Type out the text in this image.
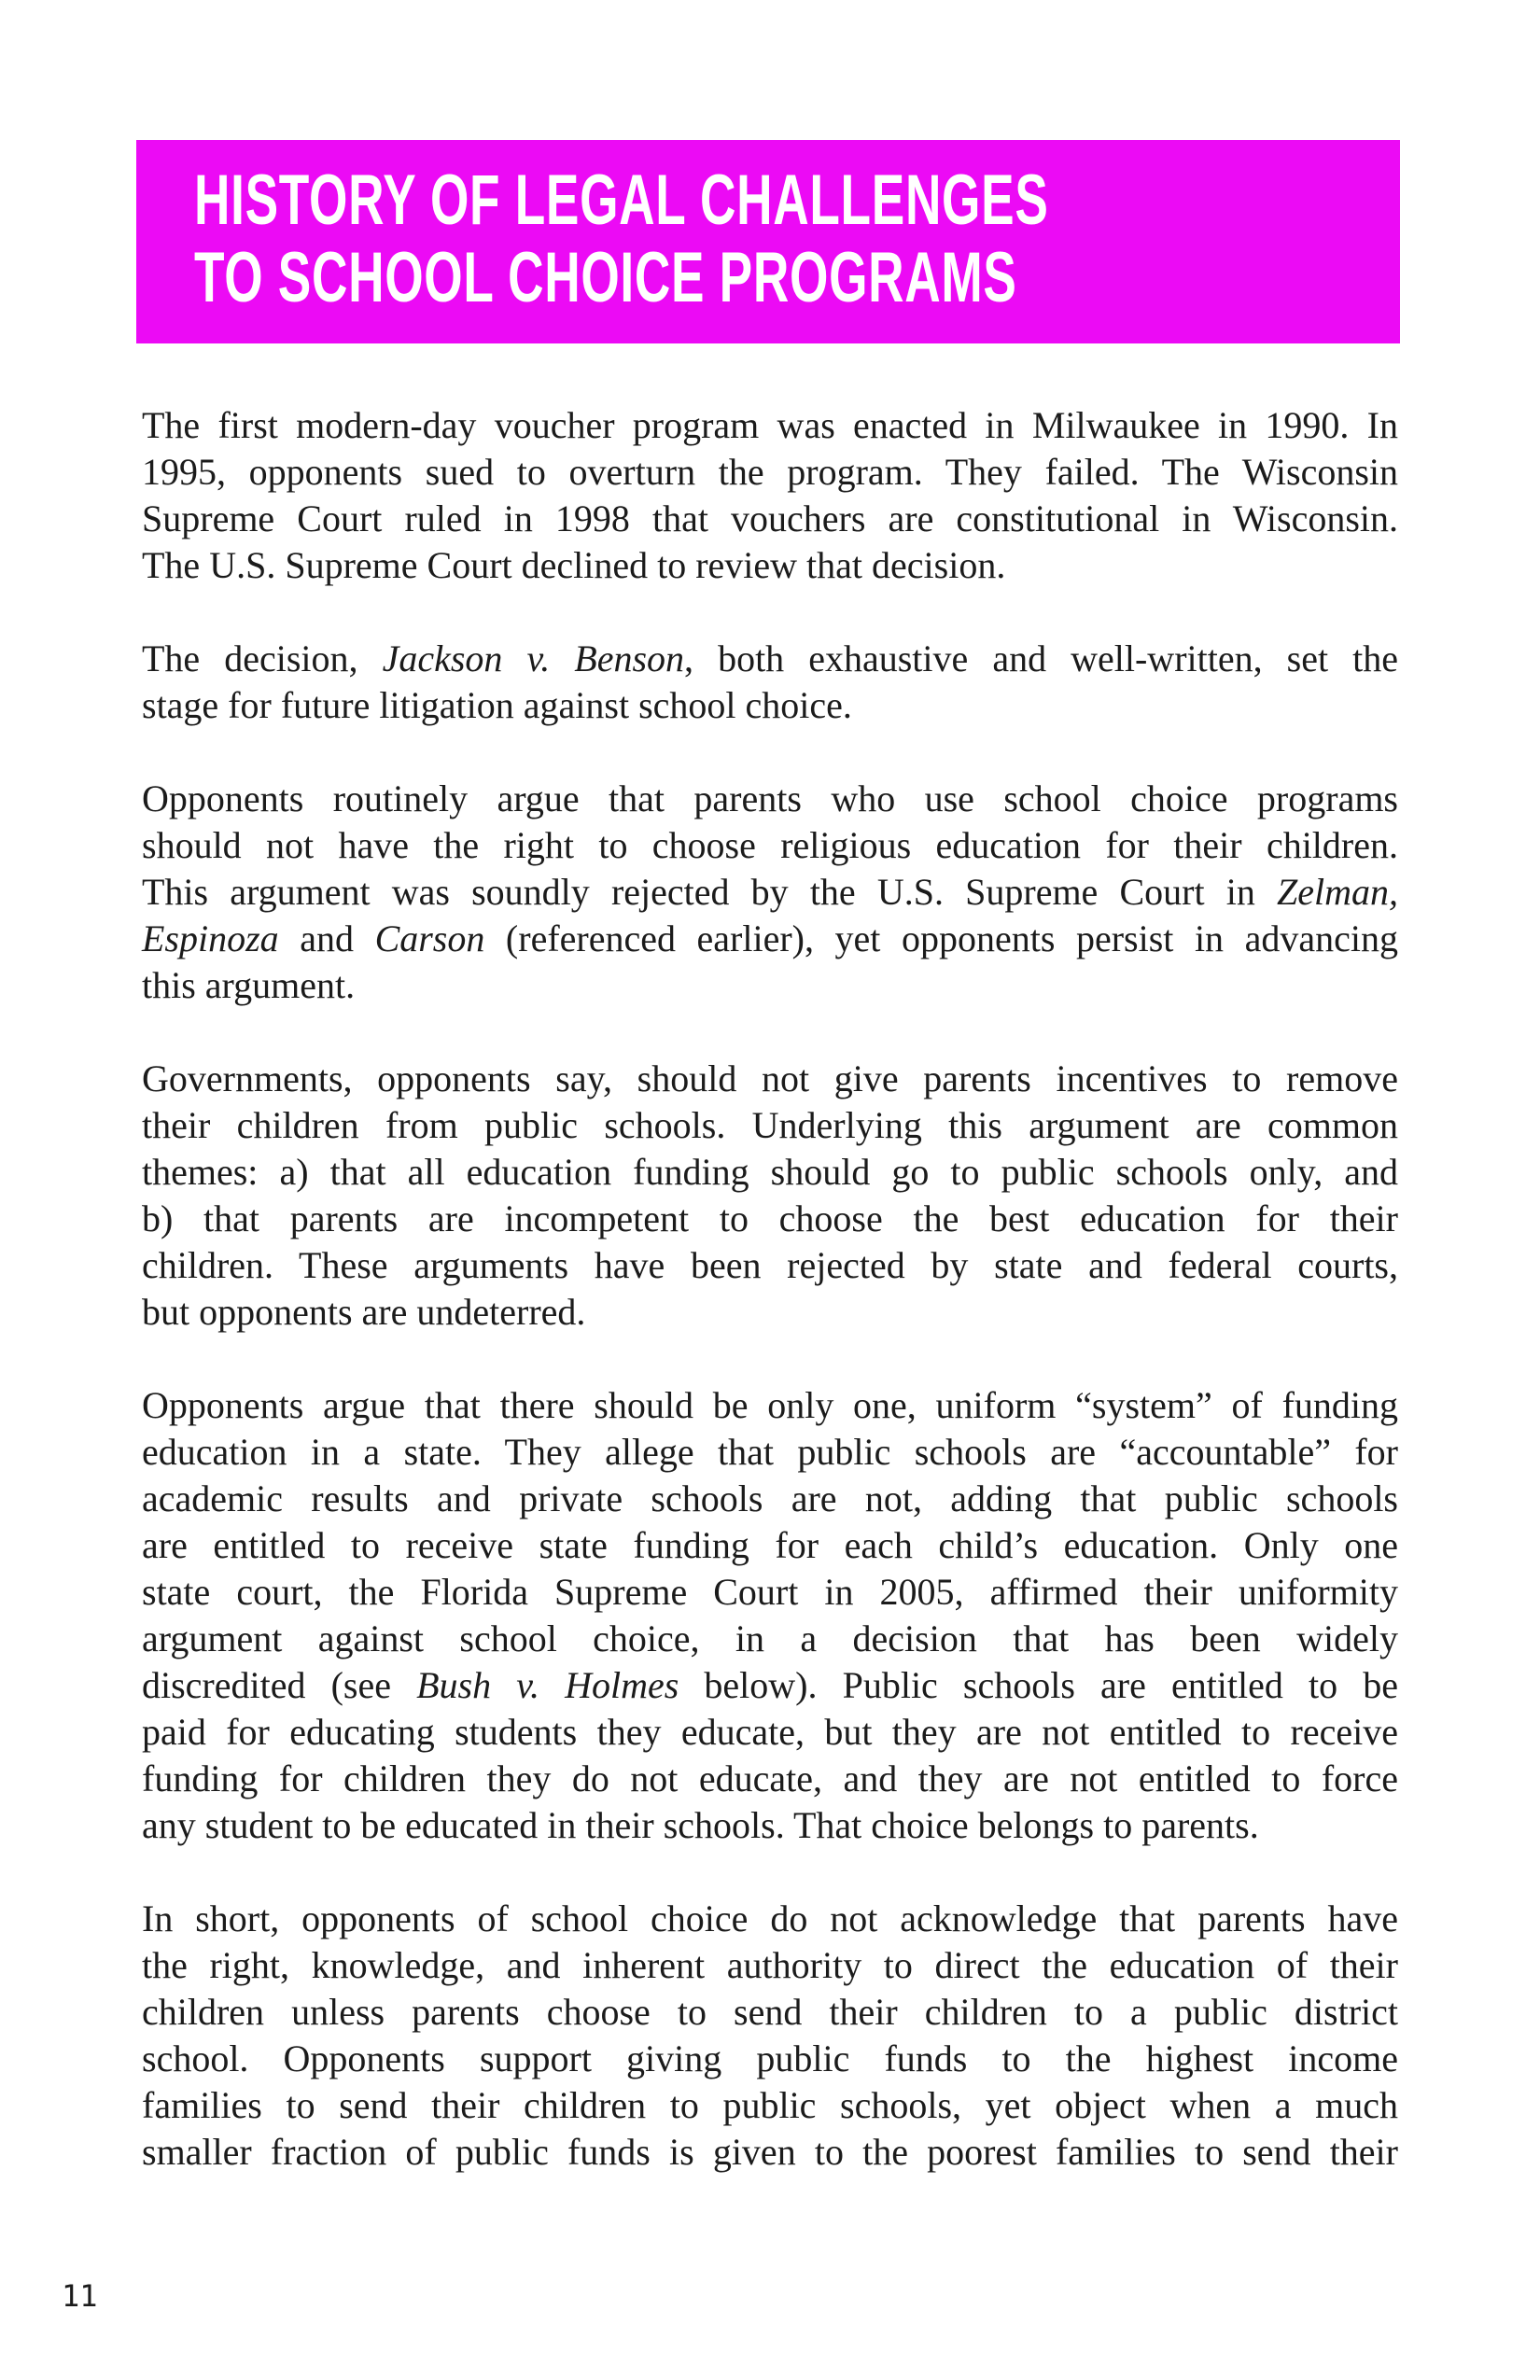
HISTORY OF LEGAL CHALLENGES
TO SCHOOL CHOICE PROGRAMS
The first modern-day voucher program was enacted in Milwaukee in 1990. In
1995, opponents sued to overturn the program. They failed. The Wisconsin
Supreme Court ruled in 1998 that vouchers are constitutional in Wisconsin.
The U.S. Supreme Court declined to review that decision.
The decision, Jackson v. Benson, both exhaustive and well-written, set the
stage for future litigation against school choice.
Opponents routinely argue that parents who use school choice programs
should not have the right to choose religious education for their children.
This argument was soundly rejected by the U.S. Supreme Court in Zelman,
Espinoza and Carson (referenced earlier), yet opponents persist in advancing
this argument.
Governments, opponents say, should not give parents incentives to remove
their children from public schools. Underlying this argument are common
themes: a) that all education funding should go to public schools only, and
b) that parents are incompetent to choose the best education for their
children. These arguments have been rejected by state and federal courts,
but opponents are undeterred.
Opponents argue that there should be only one, uniform “system” of funding
education in a state. They allege that public schools are “accountable” for
academic results and private schools are not, adding that public schools
are entitled to receive state funding for each child’s education. Only one
state court, the Florida Supreme Court in 2005, affirmed their uniformity
argument against school choice, in a decision that has been widely
discredited (see Bush v. Holmes below). Public schools are entitled to be
paid for educating students they educate, but they are not entitled to receive
funding for children they do not educate, and they are not entitled to force
any student to be educated in their schools. That choice belongs to parents.
In short, opponents of school choice do not acknowledge that parents have
the right, knowledge, and inherent authority to direct the education of their
children unless parents choose to send their children to a public district
school. Opponents support giving public funds to the highest income
families to send their children to public schools, yet object when a much
smaller fraction of public funds is given to the poorest families to send their
11
